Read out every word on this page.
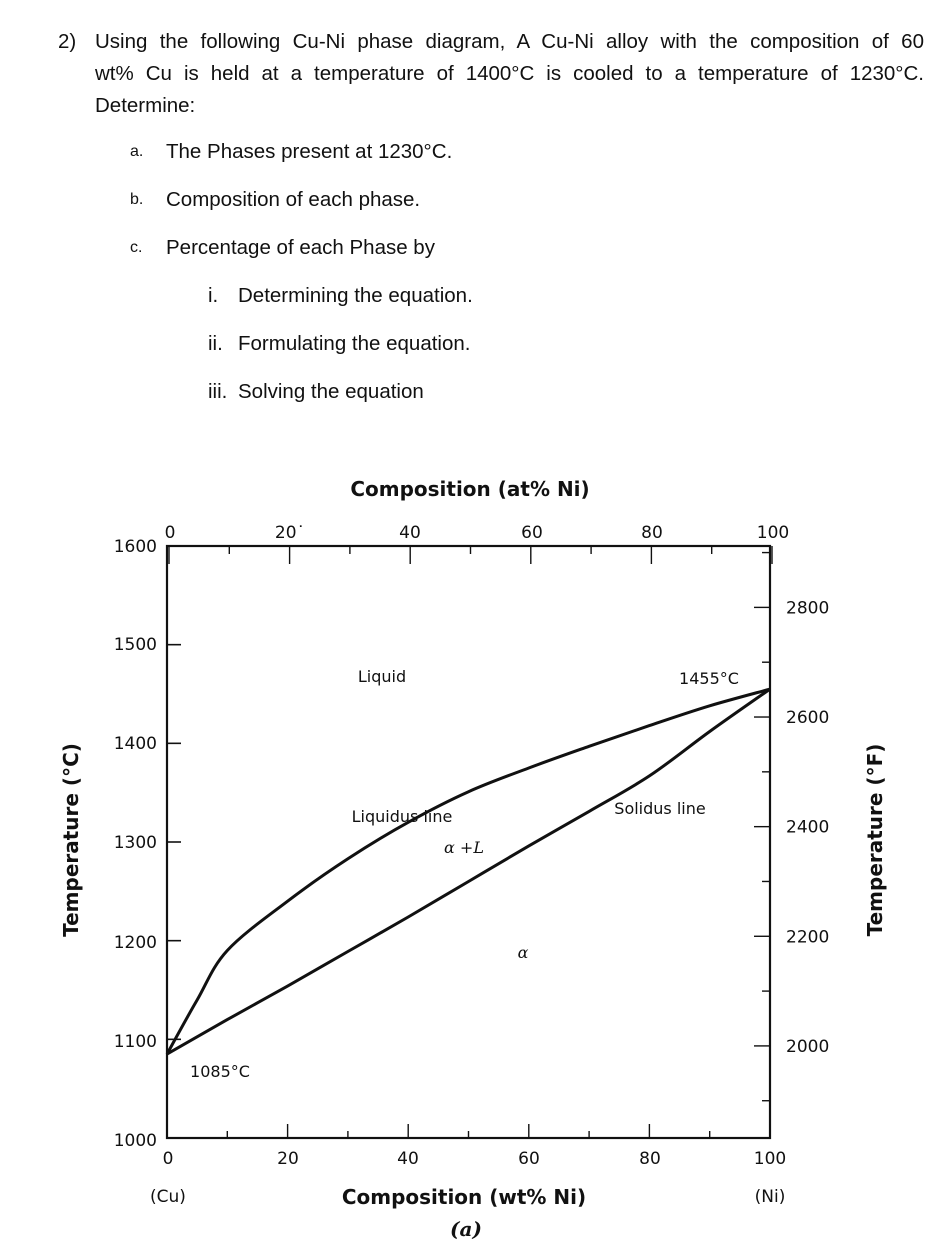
2) Using the following Cu-Ni phase diagram, A Cu-Ni alloy with the composition of 60
wt% Cu is held at a temperature of 1400°C is cooled to a temperature of 1230°C.
Determine:
a. The Phases present at 1230°C.
b. Composition of each phase.
c. Percentage of each Phase by
i. Determining the equation.
ii. Formulating the equation.
iii. Solving the equation
Composition (at% Ni)
Composition (wt% Ni)
(a)
Temperature (°C)	Temperature (°F)
0	20	40	60	80	100
(Cu)	(Ni)
0	20˙	40	60	80	100
1600
1500
1400
1300
1200
1100
1000
2800
2600
2400
2200
2000
Liquid	1455°C
Liquidus line	Solidus line
α +L
α
1085°C
